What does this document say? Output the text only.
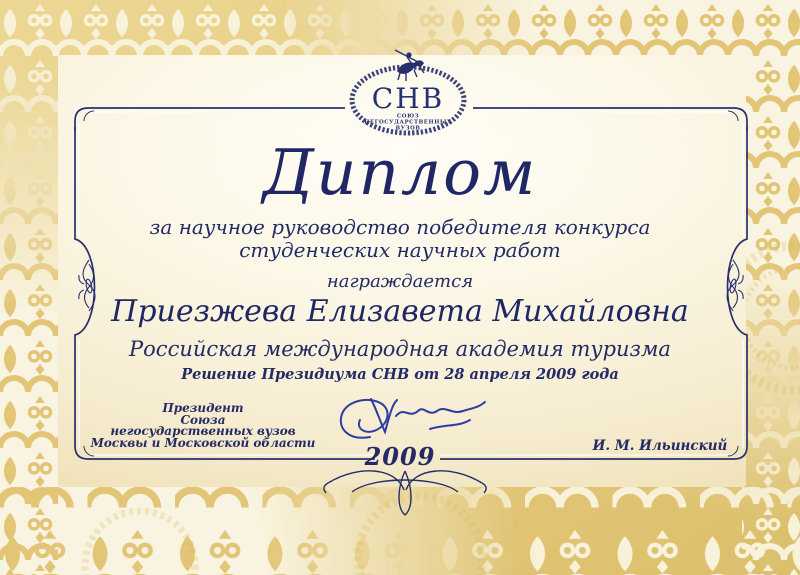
СНВ
СОЮЗ
НЕГОСУДАРСТВЕННЫХ
ВУЗОВ
Диплом
за научное руководство победителя конкурса
студенческих научных работ
награждается
Приезжева Елизавета Михайловна
Российская международная академия туризма
Решение Президиума СНВ от 28 апреля 2009 года
2009
Президент
Союза
негосударственных вузов
Москвы и Московской области	И. М. Ильинский
